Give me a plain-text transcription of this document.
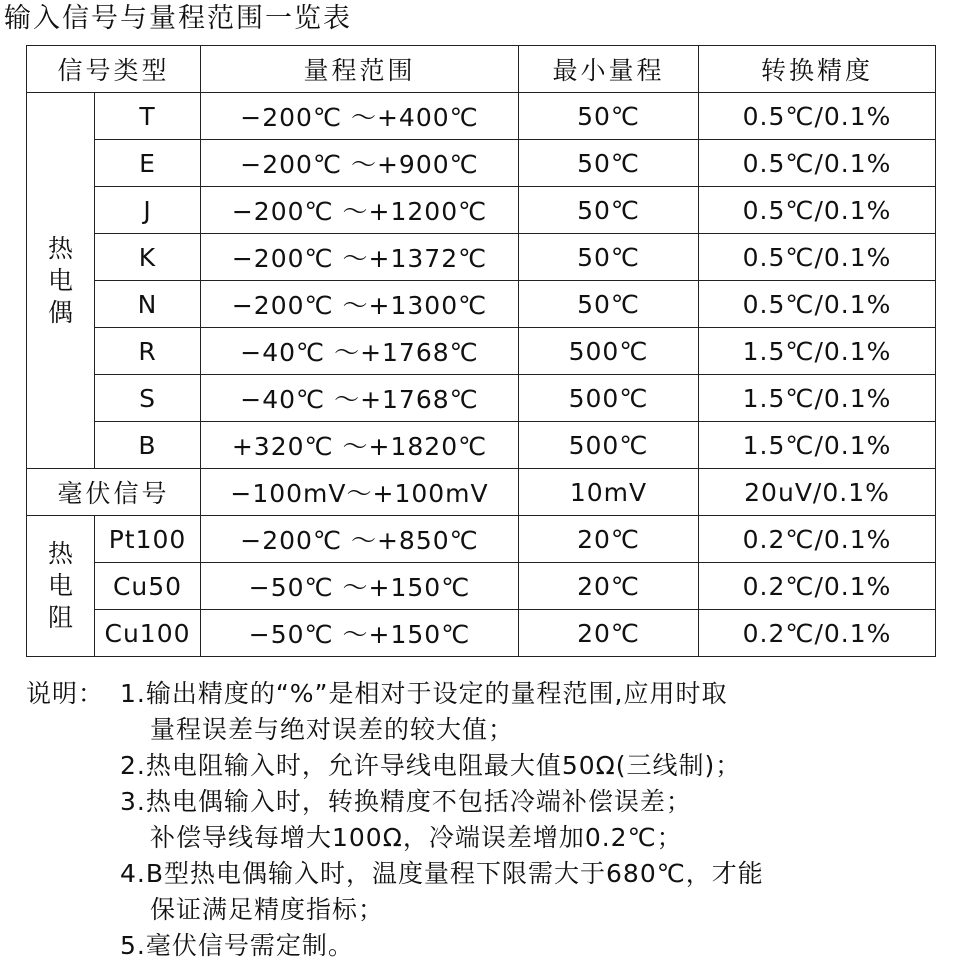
输入信号与量程范围一览表
信号类型		量程范围	最小量程	转换精度
热电偶	T	−200℃ ～+400℃	50℃	0.5℃/0.1%
	E	−200℃ ～+900℃	50℃	0.5℃/0.1%
	J	−200℃ ～+1200℃	50℃	0.5℃/0.1%
	K	−200℃ ～+1372℃	50℃	0.5℃/0.1%
	N	−200℃ ～+1300℃	50℃	0.5℃/0.1%
	R	−40℃ ～+1768℃	500℃	1.5℃/0.1%
	S	−40℃ ～+1768℃	500℃	1.5℃/0.1%
	B	+320℃ ～+1820℃	500℃	1.5℃/0.1%
毫伏信号		−100mV～+100mV	10mV	20uV/0.1%
热电阻	Pt100	−200℃ ～+850℃	20℃	0.2℃/0.1%
	Cu50	−50℃ ～+150℃	20℃	0.2℃/0.1%
	Cu100	−50℃ ～+150℃	20℃	0.2℃/0.1%
说明： 1.输出精度的“%”是相对于设定的量程范围,应用时取
量程误差与绝对误差的较大值；
2.热电阻输入时，允许导线电阻最大值50Ω(三线制)；
3.热电偶输入时，转换精度不包括冷端补偿误差；
补偿导线每增大100Ω，冷端误差增加0.2℃；
4.B型热电偶输入时，温度量程下限需大于680℃，才能
保证满足精度指标；
5.毫伏信号需定制。
